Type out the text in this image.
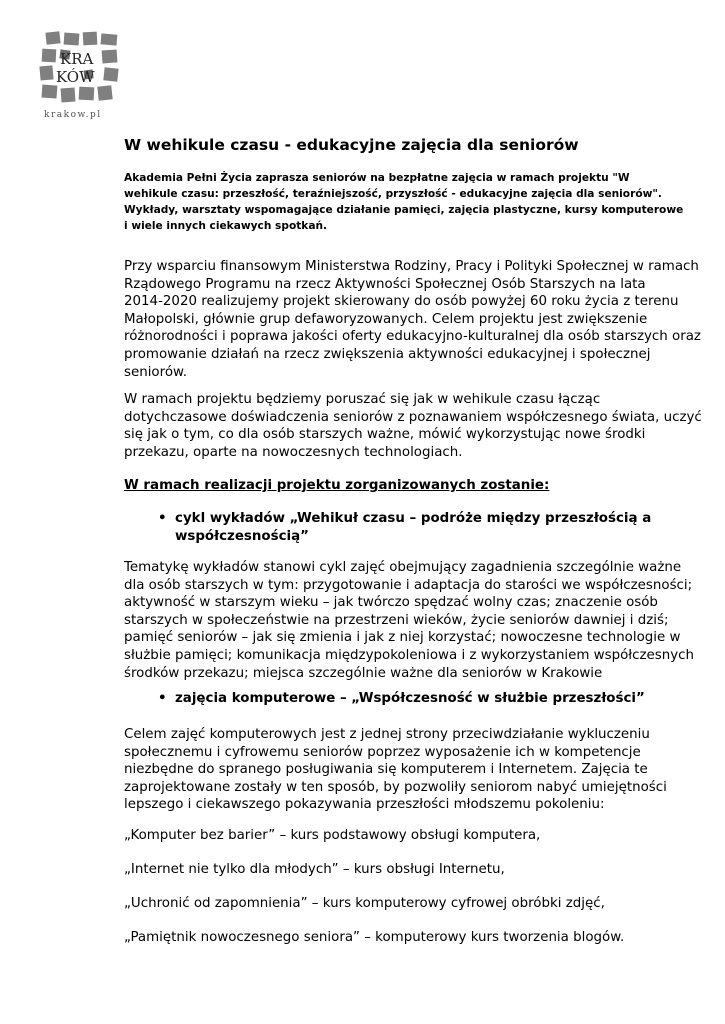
KRA
KÓW
krakow.pl
W wehikule czasu - edukacyjne zajęcia dla seniorów
Akademia Pełni Życia zaprasza seniorów na bezpłatne zajęcia w ramach projektu "W
wehikule czasu: przeszłość, teraźniejszość, przyszłość - edukacyjne zajęcia dla seniorów".
Wykłady, warsztaty wspomagające działanie pamięci, zajęcia plastyczne, kursy komputerowe
i wiele innych ciekawych spotkań.
Przy wsparciu finansowym Ministerstwa Rodziny, Pracy i Polityki Społecznej w ramach
Rządowego Programu na rzecz Aktywności Społecznej Osób Starszych na lata
2014-2020 realizujemy projekt skierowany do osób powyżej 60 roku życia z terenu
Małopolski, głównie grup defaworyzowanych. Celem projektu jest zwiększenie
różnorodności i poprawa jakości oferty edukacyjno-kulturalnej dla osób starszych oraz
promowanie działań na rzecz zwiększenia aktywności edukacyjnej i społecznej
seniorów.
W ramach projektu będziemy poruszać się jak w wehikule czasu łącząc
dotychczasowe doświadczenia seniorów z poznawaniem współczesnego świata, uczyć
się jak o tym, co dla osób starszych ważne, mówić wykorzystując nowe środki
przekazu, oparte na nowoczesnych technologiach.
W ramach realizacji projektu zorganizowanych zostanie:
• cykl wykładów „Wehikuł czasu – podróże między przeszłością a
współczesnością”
Tematykę wykładów stanowi cykl zajęć obejmujący zagadnienia szczególnie ważne
dla osób starszych w tym: przygotowanie i adaptacja do starości we współczesności;
aktywność w starszym wieku – jak twórczo spędzać wolny czas; znaczenie osób
starszych w społeczeństwie na przestrzeni wieków, życie seniorów dawniej i dziś;
pamięć seniorów – jak się zmienia i jak z niej korzystać; nowoczesne technologie w
służbie pamięci; komunikacja międzypokoleniowa i z wykorzystaniem współczesnych
środków przekazu; miejsca szczególnie ważne dla seniorów w Krakowie
• zajęcia komputerowe – „Współczesność w służbie przeszłości”
Celem zajęć komputerowych jest z jednej strony przeciwdziałanie wykluczeniu
społecznemu i cyfrowemu seniorów poprzez wyposażenie ich w kompetencje
niezbędne do spranego posługiwania się komputerem i Internetem. Zajęcia te
zaprojektowane zostały w ten sposób, by pozwoliły seniorom nabyć umiejętności
lepszego i ciekawszego pokazywania przeszłości młodszemu pokoleniu:
„Komputer bez barier” – kurs podstawowy obsługi komputera,
„Internet nie tylko dla młodych” – kurs obsługi Internetu,
„Uchronić od zapomnienia” – kurs komputerowy cyfrowej obróbki zdjęć,
„Pamiętnik nowoczesnego seniora” – komputerowy kurs tworzenia blogów.
